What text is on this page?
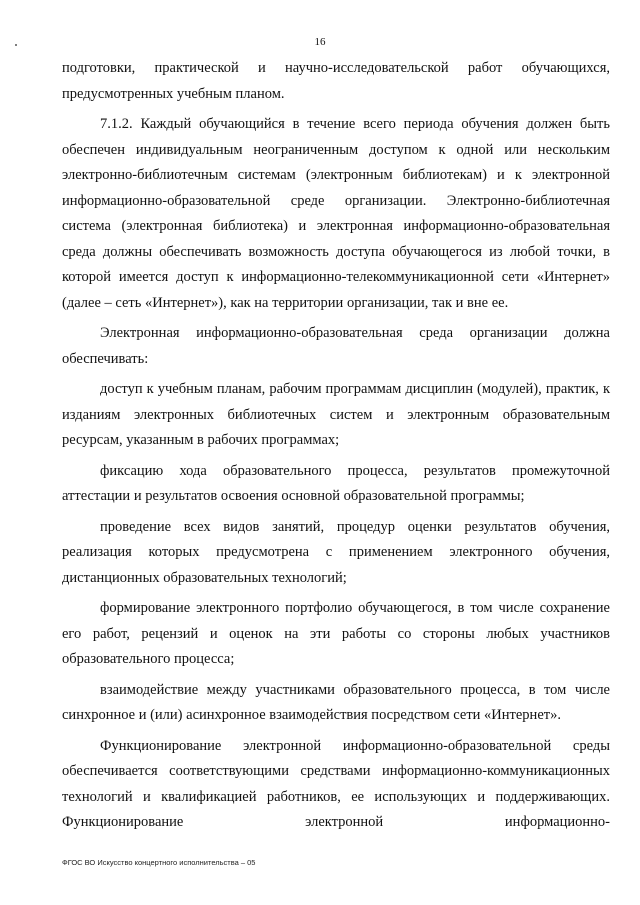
16

подготовки, практической и научно-исследовательской работ обучающихся, предусмотренных учебным планом.

7.1.2. Каждый обучающийся в течение всего периода обучения должен быть обеспечен индивидуальным неограниченным доступом к одной или нескольким электронно-библиотечным системам (электронным библиотекам) и к электронной информационно-образовательной среде организации. Электронно-библиотечная система (электронная библиотека) и электронная информационно-образовательная среда должны обеспечивать возможность доступа обучающегося из любой точки, в которой имеется доступ к информационно-телекоммуникационной сети «Интернет» (далее – сеть «Интернет»), как на территории организации, так и вне ее.

Электронная информационно-образовательная среда организации должна обеспечивать:

доступ к учебным планам, рабочим программам дисциплин (модулей), практик, к изданиям электронных библиотечных систем и электронным образовательным ресурсам, указанным в рабочих программах;

фиксацию хода образовательного процесса, результатов промежуточной аттестации и результатов освоения основной образовательной программы;

проведение всех видов занятий, процедур оценки результатов обучения, реализация которых предусмотрена с применением электронного обучения, дистанционных образовательных технологий;

формирование электронного портфолио обучающегося, в том числе сохранение его работ, рецензий и оценок на эти работы со стороны любых участников образовательного процесса;

взаимодействие между участниками образовательного процесса, в том числе синхронное и (или) асинхронное взаимодействия посредством сети «Интернет».

Функционирование электронной информационно-образовательной среды обеспечивается соответствующими средствами информационно-коммуникационных технологий и квалификацией работников, ее использующих и поддерживающих. Функционирование электронной информационно-

ФГОС ВО Искусство концертного исполнительства – 05
